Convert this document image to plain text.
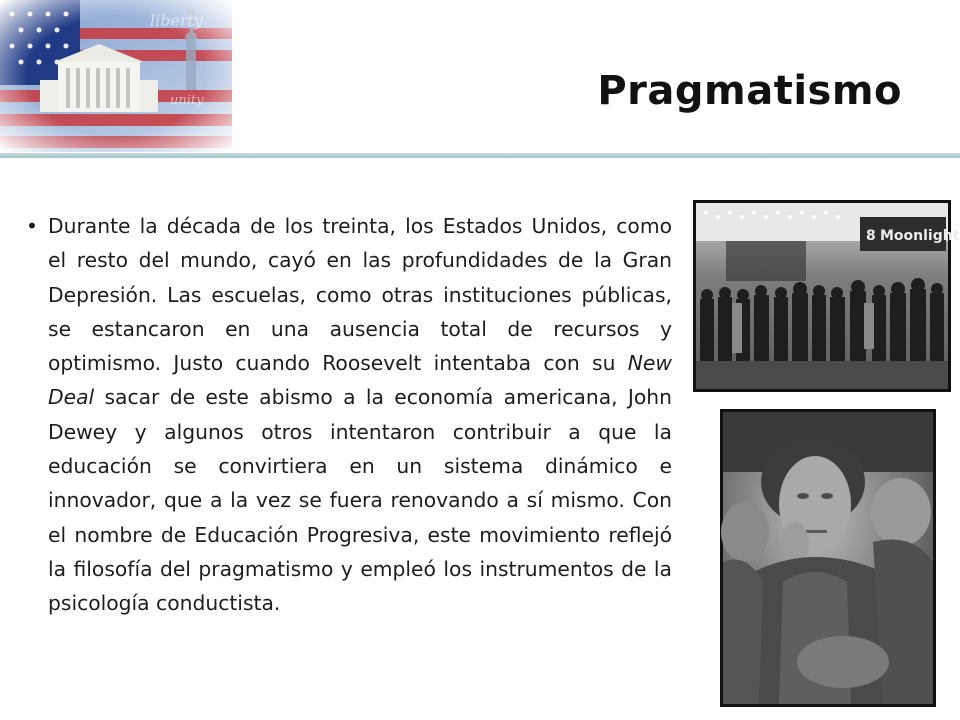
Pragmatismo
• Durante la década de los treinta, los Estados Unidos, como el resto del mundo, cayó en las profundidades de la Gran Depresión. Las escuelas, como otras instituciones públicas, se estancaron en una ausencia total de recursos y optimismo. Justo cuando Roosevelt intentaba con su New Deal sacar de este abismo a la economía americana, John Dewey y algunos otros intentaron contribuir a que la educación se convirtiera en un sistema dinámico e innovador, que a la vez se fuera renovando a sí mismo. Con el nombre de Educación Progresiva, este movimiento reflejó la filosofía del pragmatismo y empleó los instrumentos de la psicología conductista.

8 Moonlight
